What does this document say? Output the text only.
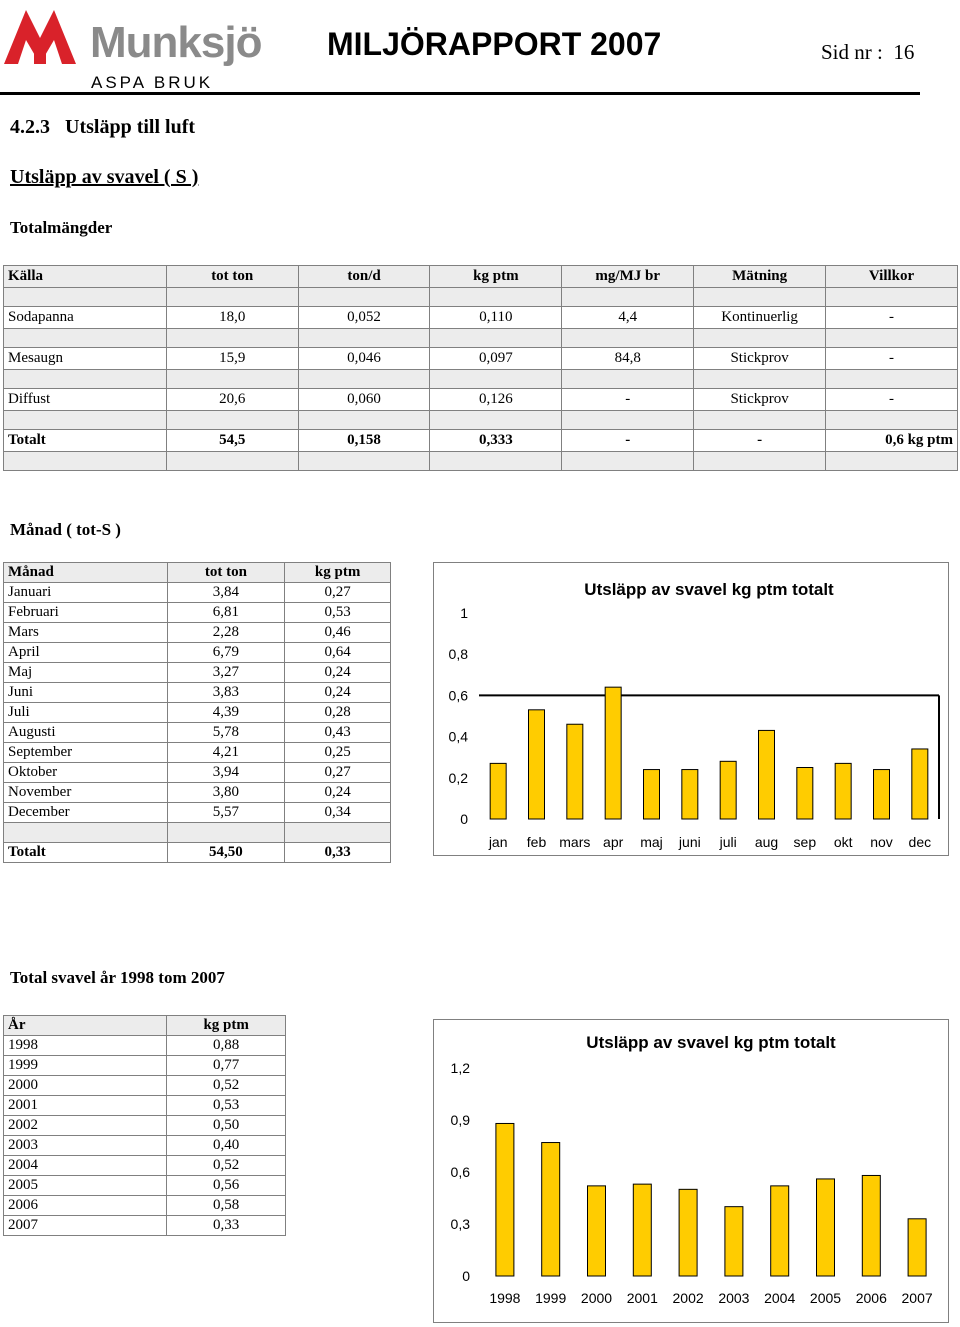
Munksjö
ASPA BRUK
MILJÖRAPPORT 2007	Sid nr : 16
4.2.3   Utsläpp till luft
Utsläpp av svavel ( S )
Totalmängder
Källa	tot ton	ton/d	kg ptm	mg/MJ br	Mätning	Villkor

Sodapanna	18,0	0,052	0,110	4,4	Kontinuerlig	-

Mesaugn	15,9	0,046	0,097	84,8	Stickprov	-

Diffust	20,6	0,060	0,126	-	Stickprov	-

Totalt	54,5	0,158	0,333	-	-	0,6 kg ptm

Månad ( tot-S )
Månad	tot ton	kg ptm
Januari	3,84	0,27
Februari	6,81	0,53
Mars	2,28	0,46
April	6,79	0,64
Maj	3,27	0,24
Juni	3,83	0,24
Juli	4,39	0,28
Augusti	5,78	0,43
September	4,21	0,25
Oktober	3,94	0,27
November	3,80	0,24
December	5,57	0,34

Totalt	54,50	0,33
Utsläpp av svavel kg ptm totalt
0
0,2
0,4
0,6
0,8
1
jan feb mars apr maj juni juli aug sep okt nov dec
Total svavel år 1998 tom 2007
År	kg ptm
1998	0,88
1999	0,77
2000	0,52
2001	0,53
2002	0,50
2003	0,40
2004	0,52
2005	0,56
2006	0,58
2007	0,33
Utsläpp av svavel kg ptm totalt
0
0,3
0,6
0,9
1,2
1998 1999 2000 2001 2002 2003 2004 2005 2006 2007
